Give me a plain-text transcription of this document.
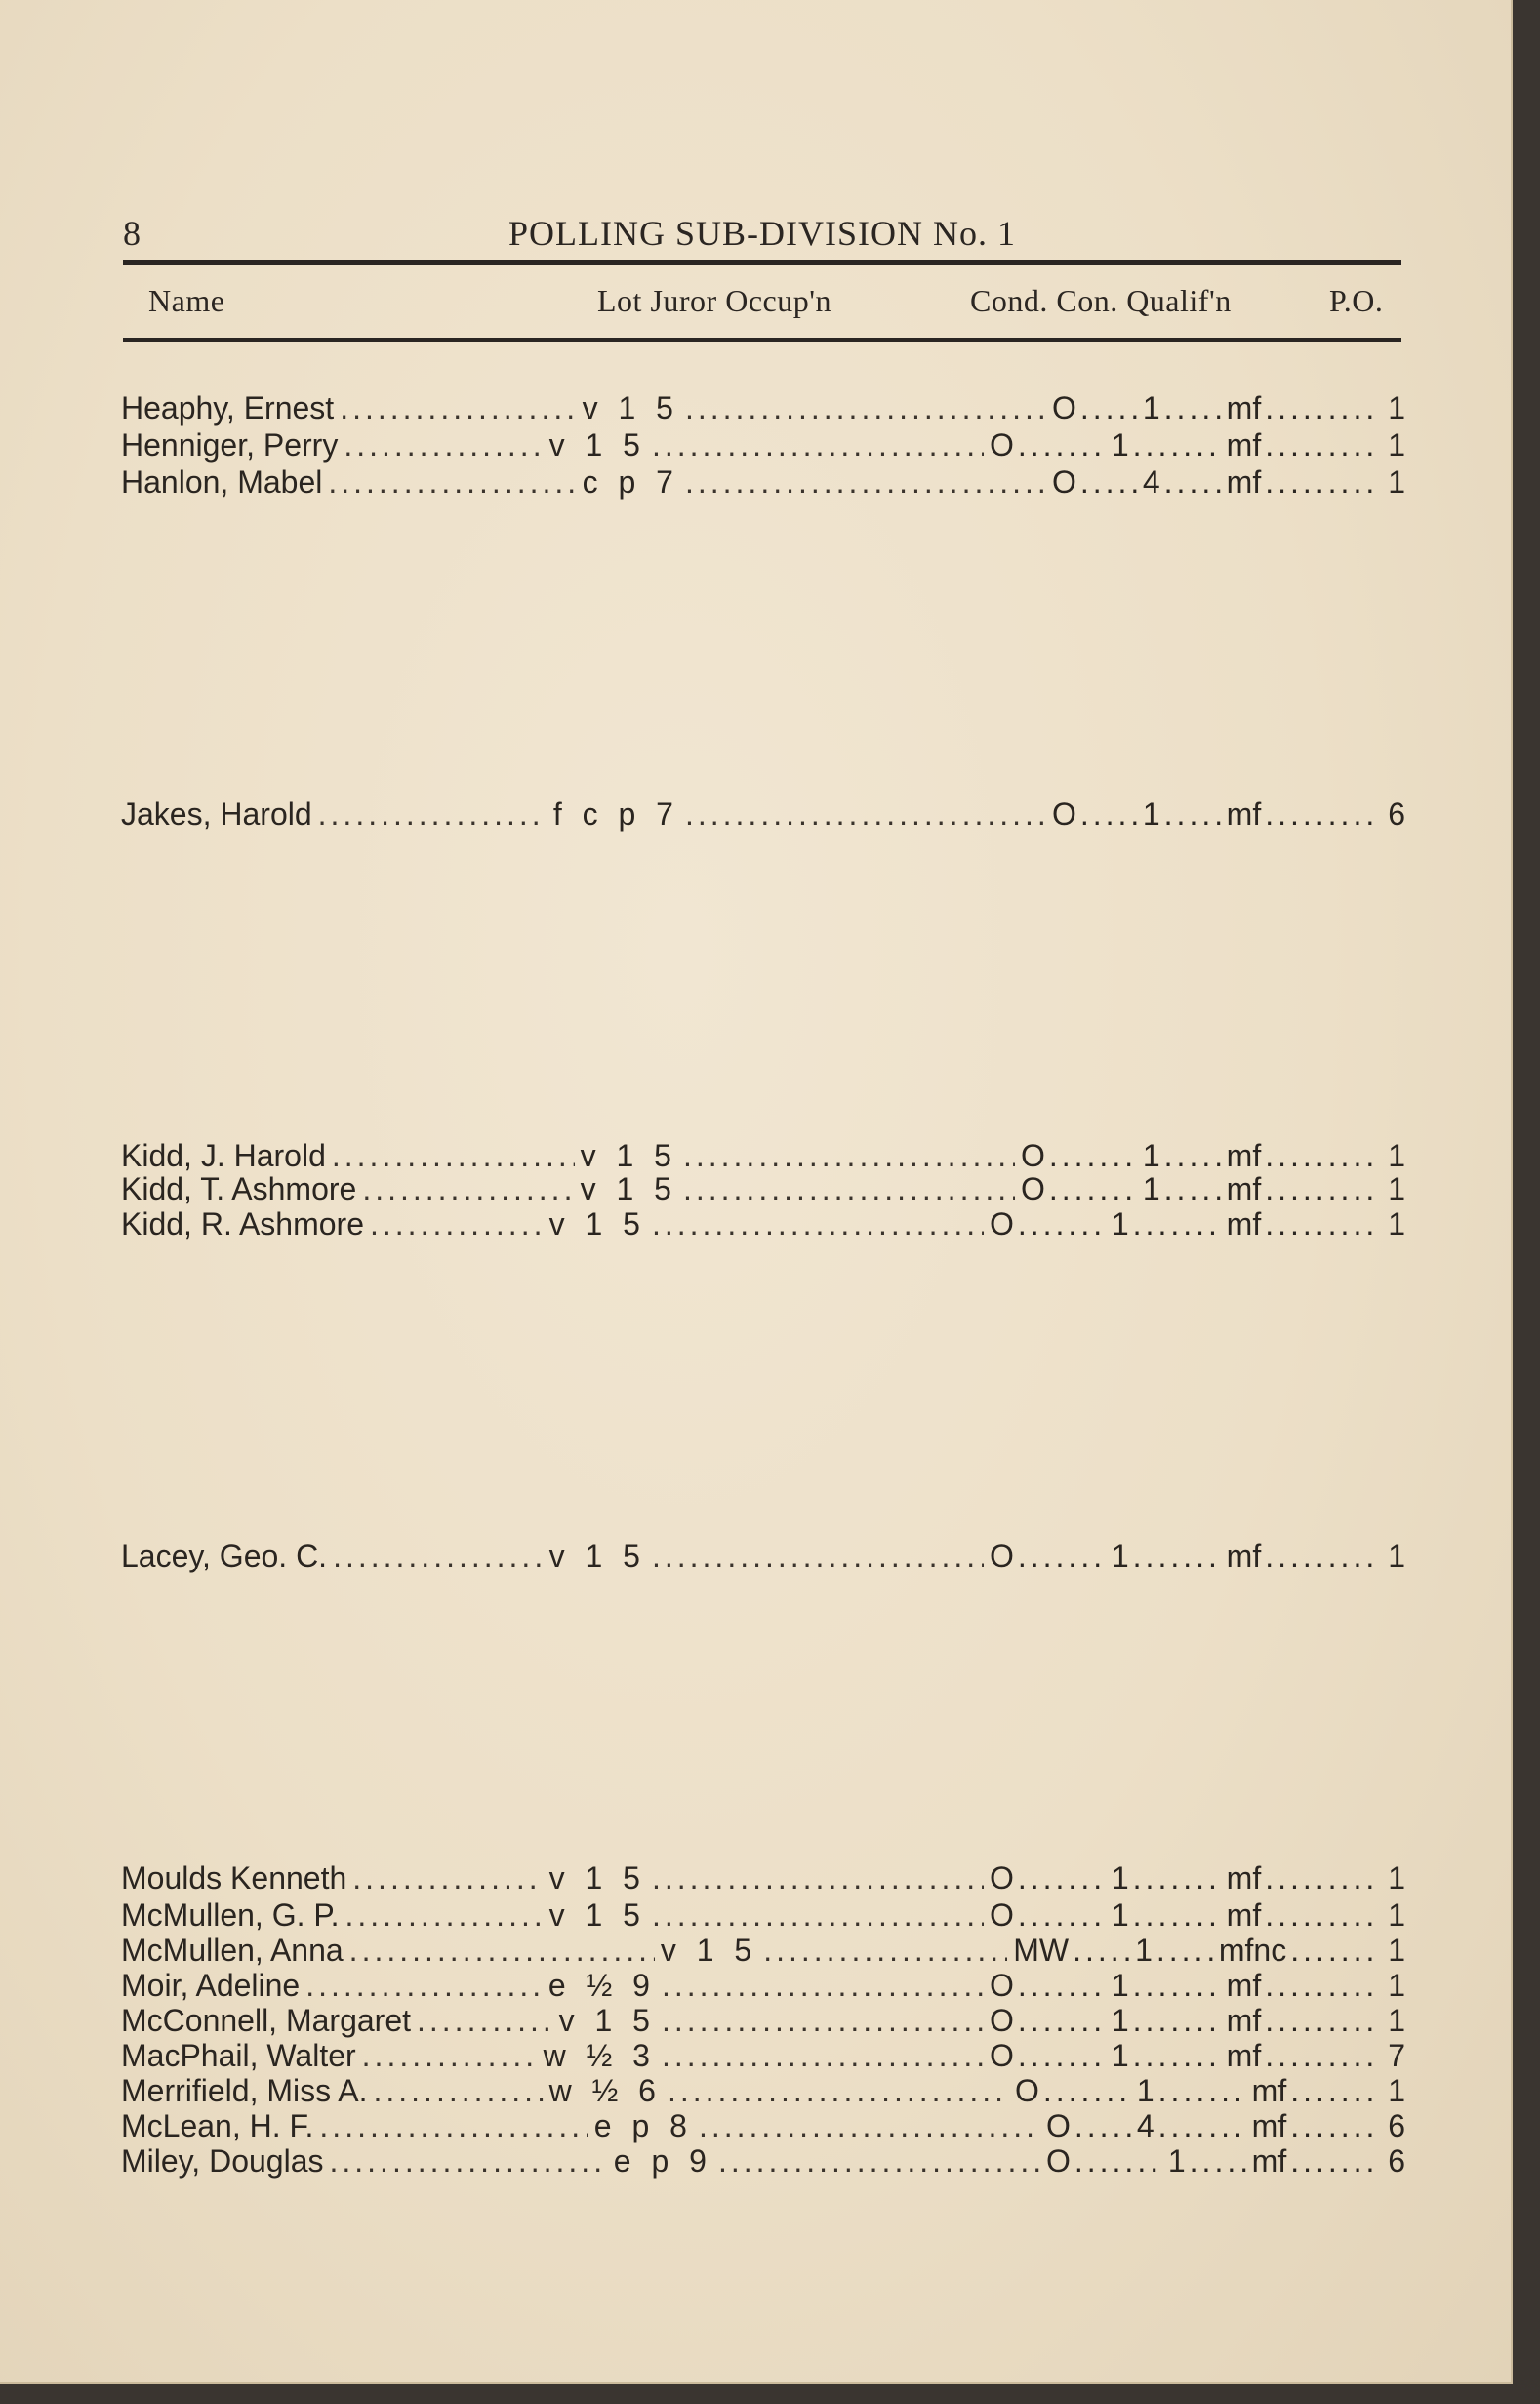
8	POLLING SUB-DIVISION No. 1
Name	Lot Juror Occup'n	Cond. Con. Qualif'n	P.O.
Heaphy, Ernest .....	v 1 5 .....	O ..... 1 ..... mf .....	1
Henniger, Perry .....	v 1 5 .....	O .....	1 .....	mf .....	1
Hanlon, Mabel .....	c p 7 .....	O ..... 4 ..... mf .....	1
Jakes, Harold .....	f c p 7 .....	O ..... 1 ..... mf .....	6
Kidd, J. Harold .....	v 1 5 .....	O .....	1 ..... mf .....	1
Kidd, T. Ashmore .....	v 1 5 .....	O .....	1 ..... mf .....	1
Kidd, R. Ashmore .....	v 1 5 .....	O .....	1 .....	mf .....	1
Lacey, Geo. C. .....	v 1 5 .....	O .....	1 .....	mf .....	1
Moulds Kenneth .....	v 1 5 .....	O .....	1 .....	mf .....	1
McMullen, G. P. .....	v 1 5 .....	O .....	1 .....	mf .....	1
McMullen, Anna .....	v 1 5 .....	MW ..... 1 ..... mfnc .....	1
Moir, Adeline .....	e ½ 9 .....	O .....	1 .....	mf .....	1
McConnell, Margaret .....	v 1 5 .....	O .....	1 .....	mf .....	1
MacPhail, Walter .....	w ½ 3 .....	O .....	1 .....	mf .....	7
Merrifield, Miss A. .....	w ½ 6 .....	O .....	1 .....	mf .....	1
McLean, H. F. .....	e p 8 .....	O ..... 4 .....	mf .....	6
Miley, Douglas .....	e p 9 .....	O .....	1 ..... mf .....	6
